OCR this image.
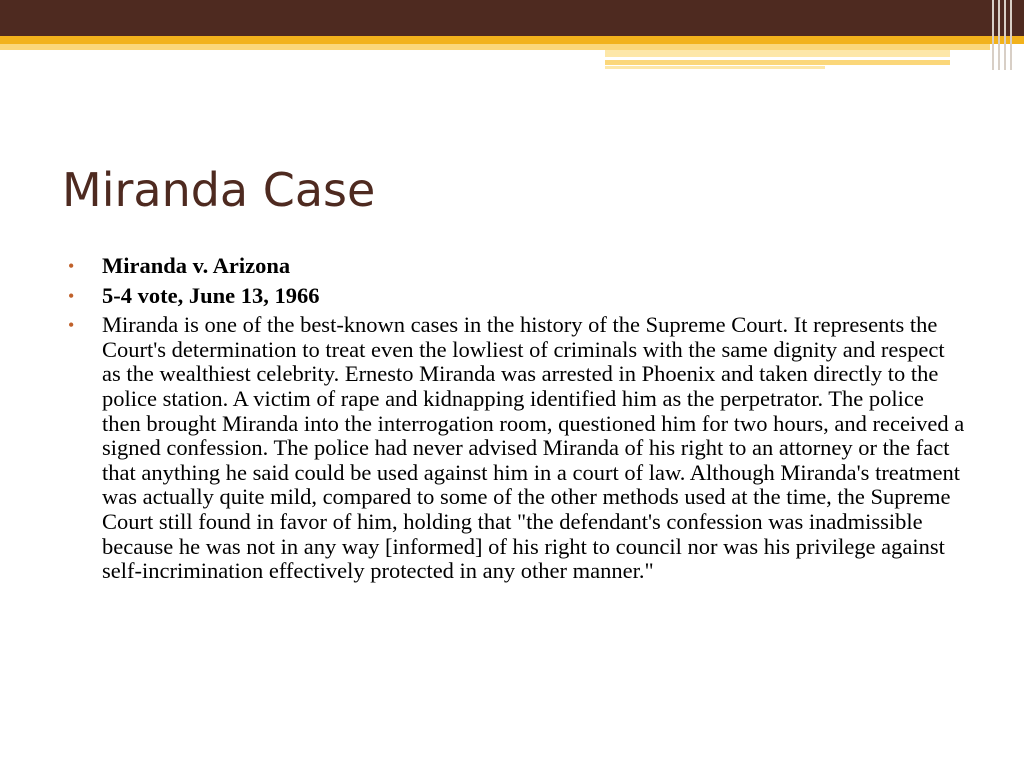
Miranda Case
• Miranda v. Arizona
• 5-4 vote, June 13, 1966
• Miranda is one of the best-known cases in the history of the Supreme Court. It represents the Court's determination to treat even the lowliest of criminals with the same dignity and respect as the wealthiest celebrity. Ernesto Miranda was arrested in Phoenix and taken directly to the police station. A victim of rape and kidnapping identified him as the perpetrator. The police then brought Miranda into the interrogation room, questioned him for two hours, and received a signed confession. The police had never advised Miranda of his right to an attorney or the fact that anything he said could be used against him in a court of law. Although Miranda's treatment was actually quite mild, compared to some of the other methods used at the time, the Supreme Court still found in favor of him, holding that "the defendant's confession was inadmissible because he was not in any way [informed] of his right to council nor was his privilege against self-incrimination effectively protected in any other manner."
